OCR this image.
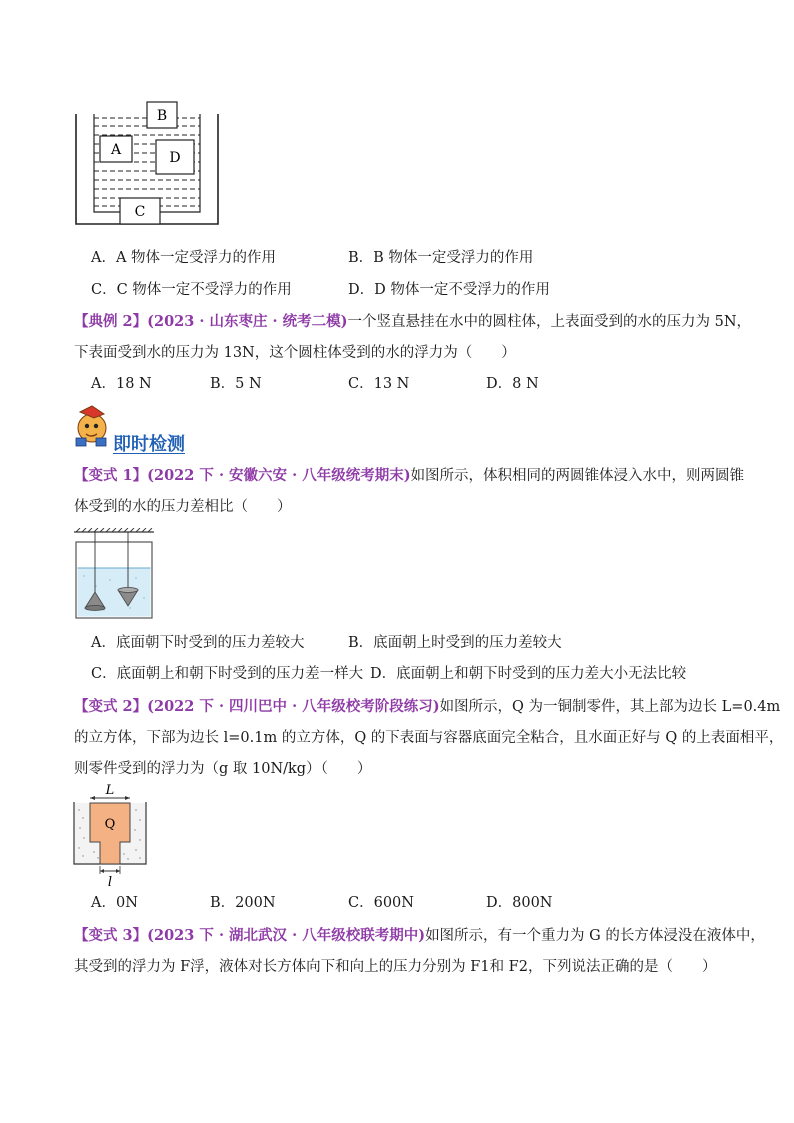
B
A	D
C
A．A 物体一定受浮力的作用	B．B 物体一定受浮力的作用
C．C 物体一定不受浮力的作用	D．D 物体一定不受浮力的作用
【典例 2】(2023 · 山东枣庄 · 统考二模)一个竖直悬挂在水中的圆柱体，上表面受到的水的压力为 5N，
下表面受到水的压力为 13N，这个圆柱体受到的水的浮力为（　　）
A．18 N	B．5 N	C．13 N	D．8 N
即时检测
【变式 1】(2022 下 · 安徽六安 · 八年级统考期末)如图所示，体积相同的两圆锥体浸入水中，则两圆锥
体受到的水的压力差相比（　　）
A．底面朝下时受到的压力差较大	B．底面朝上时受到的压力差较大
C．底面朝上和朝下时受到的压力差一样大 D．底面朝上和朝下时受到的压力差大小无法比较
【变式 2】(2022 下 · 四川巴中 · 八年级校考阶段练习)如图所示，Q 为一铜制零件，其上部为边长 L=0.4m
的立方体，下部为边长 l=0.1m 的立方体，Q 的下表面与容器底面完全粘合，且水面正好与 Q 的上表面相平，
则零件受到的浮力为（g 取 10N/kg）（　　）
L
Q
l
A．0N	B．200N	C．600N	D．800N
【变式 3】(2023 下 · 湖北武汉 · 八年级校联考期中)如图所示，有一个重力为 G 的长方体浸没在液体中，
其受到的浮力为 F浮，液体对长方体向下和向上的压力分别为 F1和 F2，下列说法正确的是（　　）
